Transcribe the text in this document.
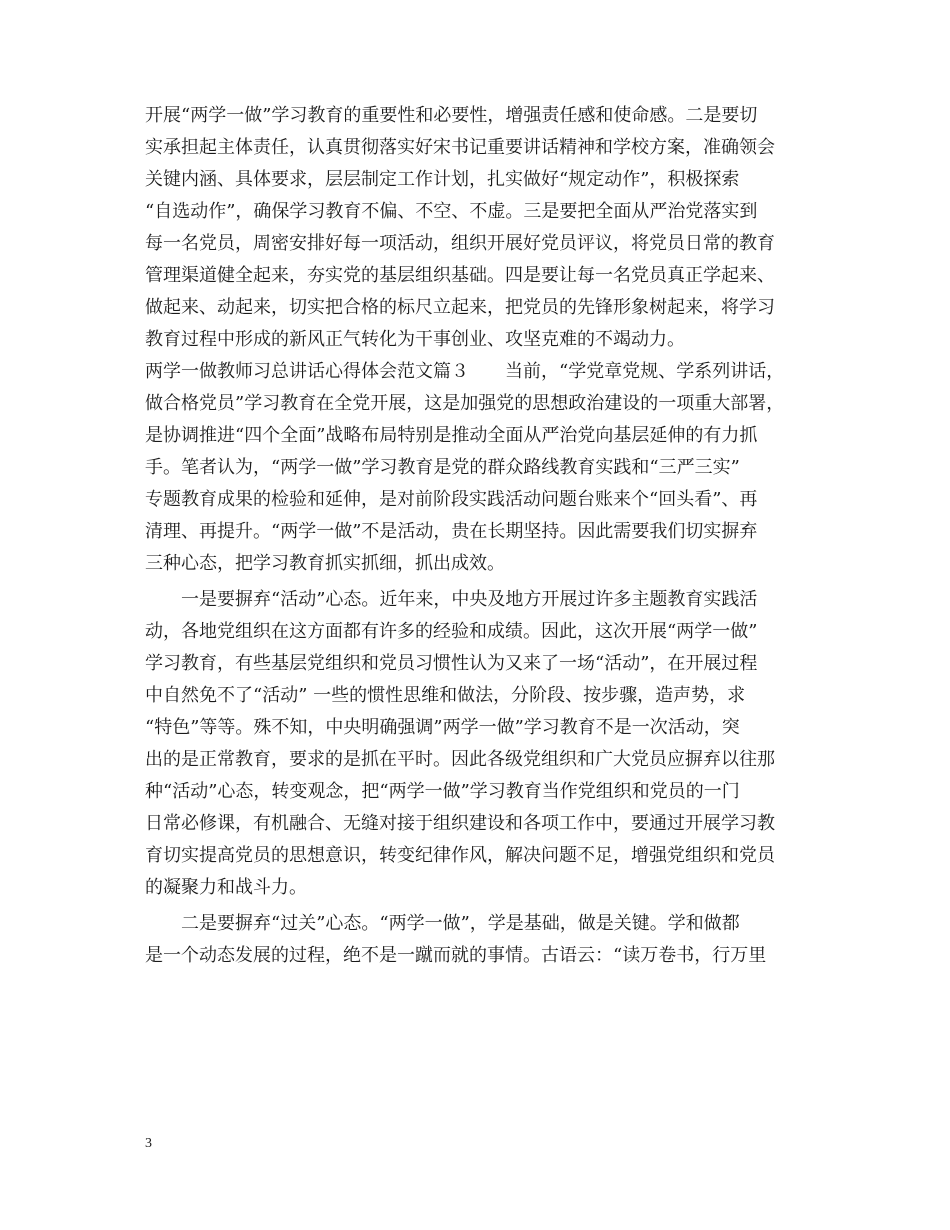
开展“两学一做”学习教育的重要性和必要性，增强责任感和使命感。二是要切
实承担起主体责任，认真贯彻落实好宋书记重要讲话精神和学校方案，准确领会
关键内涵、具体要求，层层制定工作计划，扎实做好“规定动作”，积极探索
“自选动作”，确保学习教育不偏、不空、不虚。三是要把全面从严治党落实到
每一名党员，周密安排好每一项活动，组织开展好党员评议，将党员日常的教育
管理渠道健全起来，夯实党的基层组织基础。四是要让每一名党员真正学起来、
做起来、动起来，切实把合格的标尺立起来，把党员的先锋形象树起来，将学习
教育过程中形成的新风正气转化为干事创业、攻坚克难的不竭动力。
两学一做教师习总讲话心得体会范文篇３　　当前，“学党章党规、学系列讲话，
做合格党员”学习教育在全党开展，这是加强党的思想政治建设的一项重大部署，
是协调推进“四个全面”战略布局特别是推动全面从严治党向基层延伸的有力抓
手。笔者认为，“两学一做”学习教育是党的群众路线教育实践和“三严三实”
专题教育成果的检验和延伸，是对前阶段实践活动问题台账来个“回头看”、再
清理、再提升。“两学一做”不是活动，贵在长期坚持。因此需要我们切实摒弃
三种心态，把学习教育抓实抓细，抓出成效。
一是要摒弃“活动”心态。近年来，中央及地方开展过许多主题教育实践活
动，各地党组织在这方面都有许多的经验和成绩。因此，这次开展“两学一做”
学习教育，有些基层党组织和党员习惯性认为又来了一场“活动”，在开展过程
中自然免不了“活动” 一些的惯性思维和做法，分阶段、按步骤，造声势，求
“特色”等等。殊不知，中央明确强调”两学一做”学习教育不是一次活动，突
出的是正常教育，要求的是抓在平时。因此各级党组织和广大党员应摒弃以往那
种“活动”心态，转变观念，把“两学一做”学习教育当作党组织和党员的一门
日常必修课，有机融合、无缝对接于组织建设和各项工作中，要通过开展学习教
育切实提高党员的思想意识，转变纪律作风，解决问题不足，增强党组织和党员
的凝聚力和战斗力。
二是要摒弃“过关”心态。“两学一做”，学是基础，做是关键。学和做都
是一个动态发展的过程，绝不是一蹴而就的事情。古语云：“读万卷书，行万里
3
